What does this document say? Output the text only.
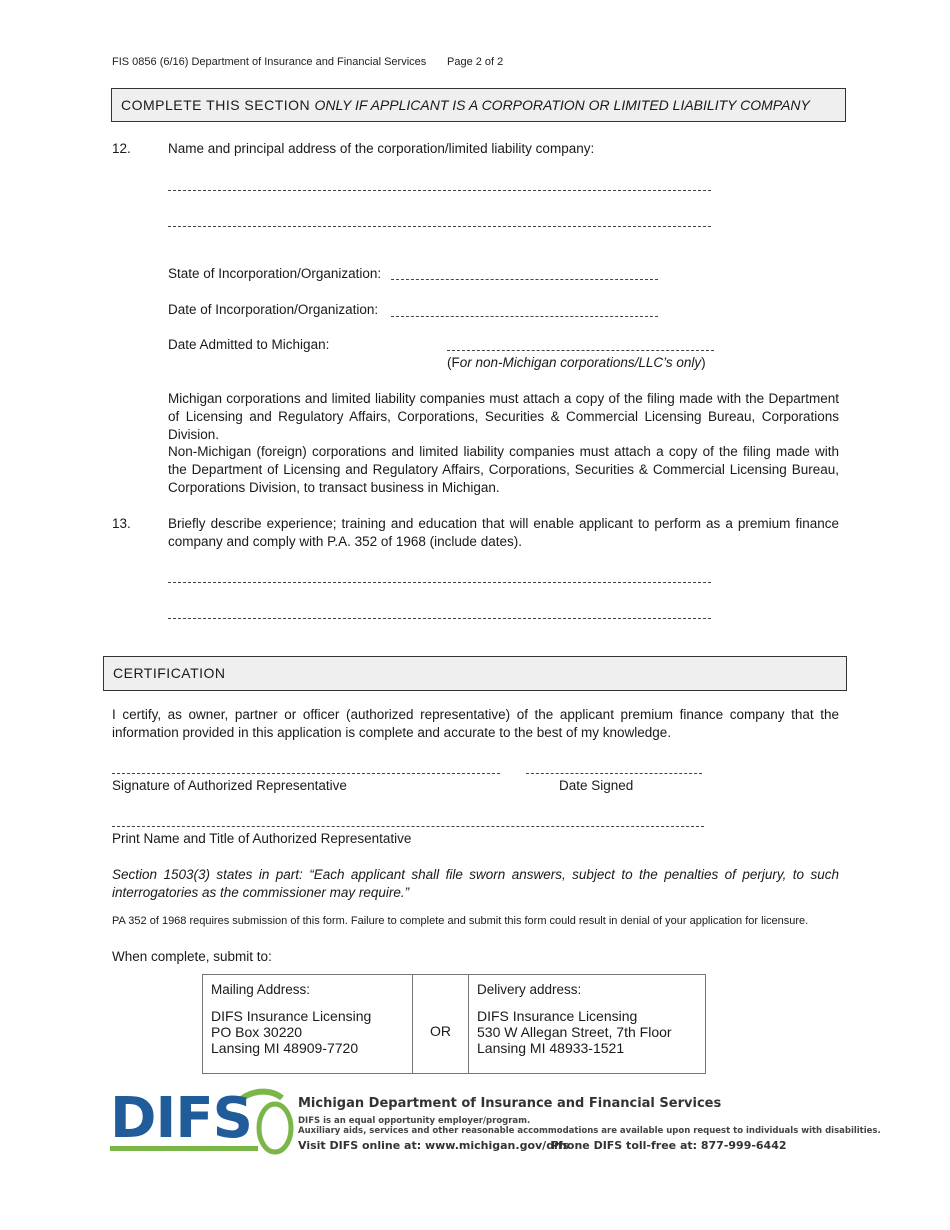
FIS 0856 (6/16) Department of Insurance and Financial Services Page 2 of 2
COMPLETE THIS SECTION ONLY IF APPLICANT IS A CORPORATION OR LIMITED LIABILITY COMPANY
12.	Name and principal address of the corporation/limited liability company:
State of Incorporation/Organization:
Date of Incorporation/Organization:
Date Admitted to Michigan:
(For non-Michigan corporations/LLC’s only)
Michigan corporations and limited liability companies must attach a copy of the filing made with the Department of Licensing and Regulatory Affairs, Corporations, Securities & Commercial Licensing Bureau, Corporations Division.
Non-Michigan (foreign) corporations and limited liability companies must attach a copy of the filing made with the Department of Licensing and Regulatory Affairs, Corporations, Securities & Commercial Licensing Bureau, Corporations Division, to transact business in Michigan.
13.	Briefly describe experience; training and education that will enable applicant to perform as a premium finance company and comply with P.A. 352 of 1968 (include dates).
CERTIFICATION
I certify, as owner, partner or officer (authorized representative) of the applicant premium finance company that the information provided in this application is complete and accurate to the best of my knowledge.
Signature of Authorized Representative	Date Signed
Print Name and Title of Authorized Representative
Section 1503(3) states in part: “Each applicant shall file sworn answers, subject to the penalties of perjury, to such interrogatories as the commissioner may require.”
PA 352 of 1968 requires submission of this form. Failure to complete and submit this form could result in denial of your application for licensure.
When complete, submit to:
Mailing Address:
DIFS Insurance Licensing
PO Box 30220
Lansing MI 48909-7720
	OR	
Delivery address:
DIFS Insurance Licensing
530 W Allegan Street, 7th Floor
Lansing MI 48933-1521
DIFS	Michigan Department of Insurance and Financial Services
DIFS is an equal opportunity employer/program.
Auxiliary aids, services and other reasonable accommodations are available upon request to individuals with disabilities.
Visit DIFS online at: www.michigan.gov/difs
Phone DIFS toll-free at: 877-999-6442
